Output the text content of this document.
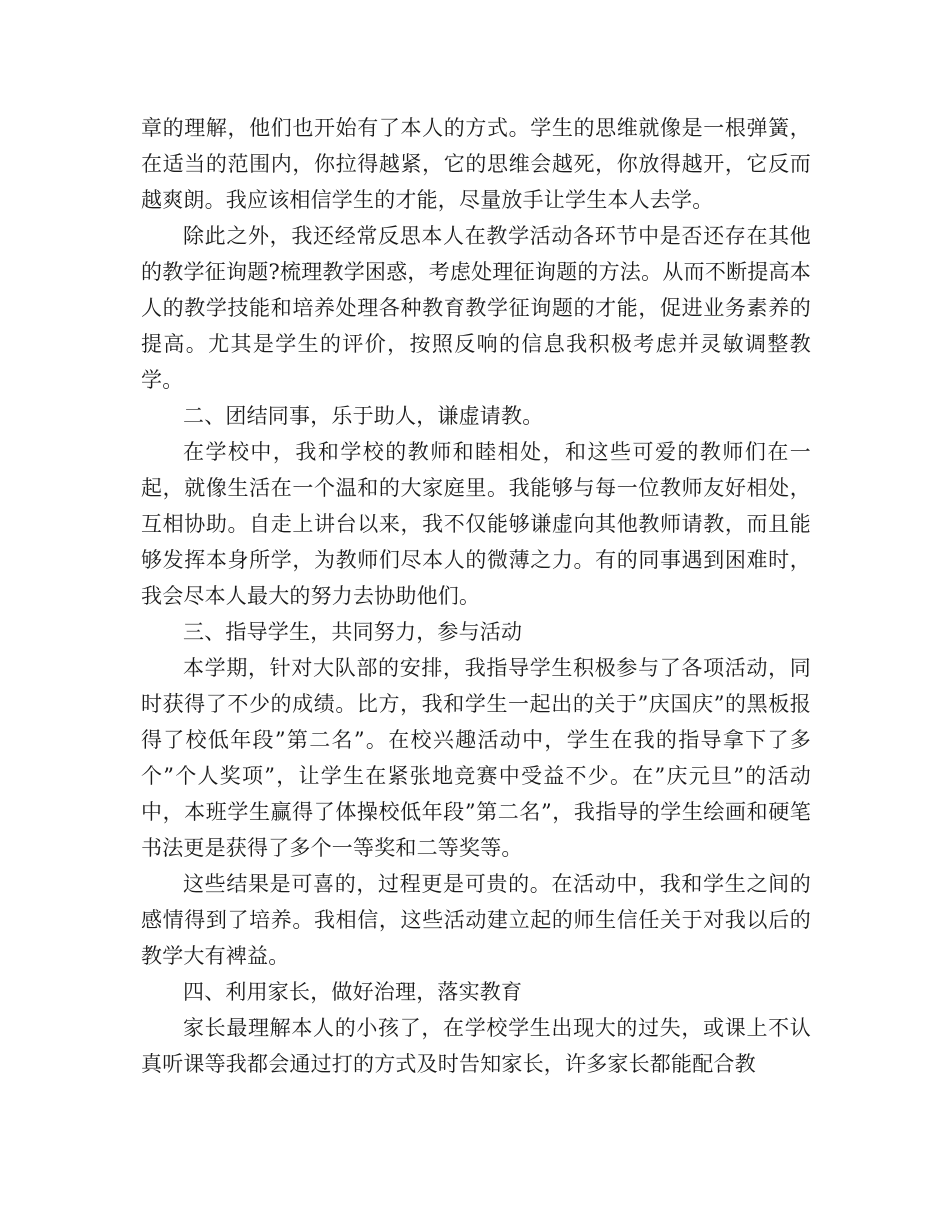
章的理解，他们也开始有了本人的方式。学生的思维就像是一根弹簧，在适当的范围内，你拉得越紧，它的思维会越死，你放得越开，它反而越爽朗。我应该相信学生的才能，尽量放手让学生本人去学。

除此之外，我还经常反思本人在教学活动各环节中是否还存在其他的教学征询题?梳理教学困惑，考虑处理征询题的方法。从而不断提高本人的教学技能和培养处理各种教育教学征询题的才能，促进业务素养的提高。尤其是学生的评价，按照反响的信息我积极考虑并灵敏调整教学。

二、团结同事，乐于助人，谦虚请教。

在学校中，我和学校的教师和睦相处，和这些可爱的教师们在一起，就像生活在一个温和的大家庭里。我能够与每一位教师友好相处，互相协助。自走上讲台以来，我不仅能够谦虚向其他教师请教，而且能够发挥本身所学，为教师们尽本人的微薄之力。有的同事遇到困难时，我会尽本人最大的努力去协助他们。

三、指导学生，共同努力，参与活动

本学期，针对大队部的安排，我指导学生积极参与了各项活动，同时获得了不少的成绩。比方，我和学生一起出的关于”庆国庆”的黑板报得了校低年段”第二名”。在校兴趣活动中，学生在我的指导拿下了多个”个人奖项”，让学生在紧张地竞赛中受益不少。在”庆元旦”的活动中，本班学生赢得了体操校低年段”第二名”，我指导的学生绘画和硬笔书法更是获得了多个一等奖和二等奖等。

这些结果是可喜的，过程更是可贵的。在活动中，我和学生之间的感情得到了培养。我相信，这些活动建立起的师生信任关于对我以后的教学大有裨益。

四、利用家长，做好治理，落实教育

家长最理解本人的小孩了，在学校学生出现大的过失，或课上不认真听课等我都会通过打的方式及时告知家长，许多家长都能配合教
